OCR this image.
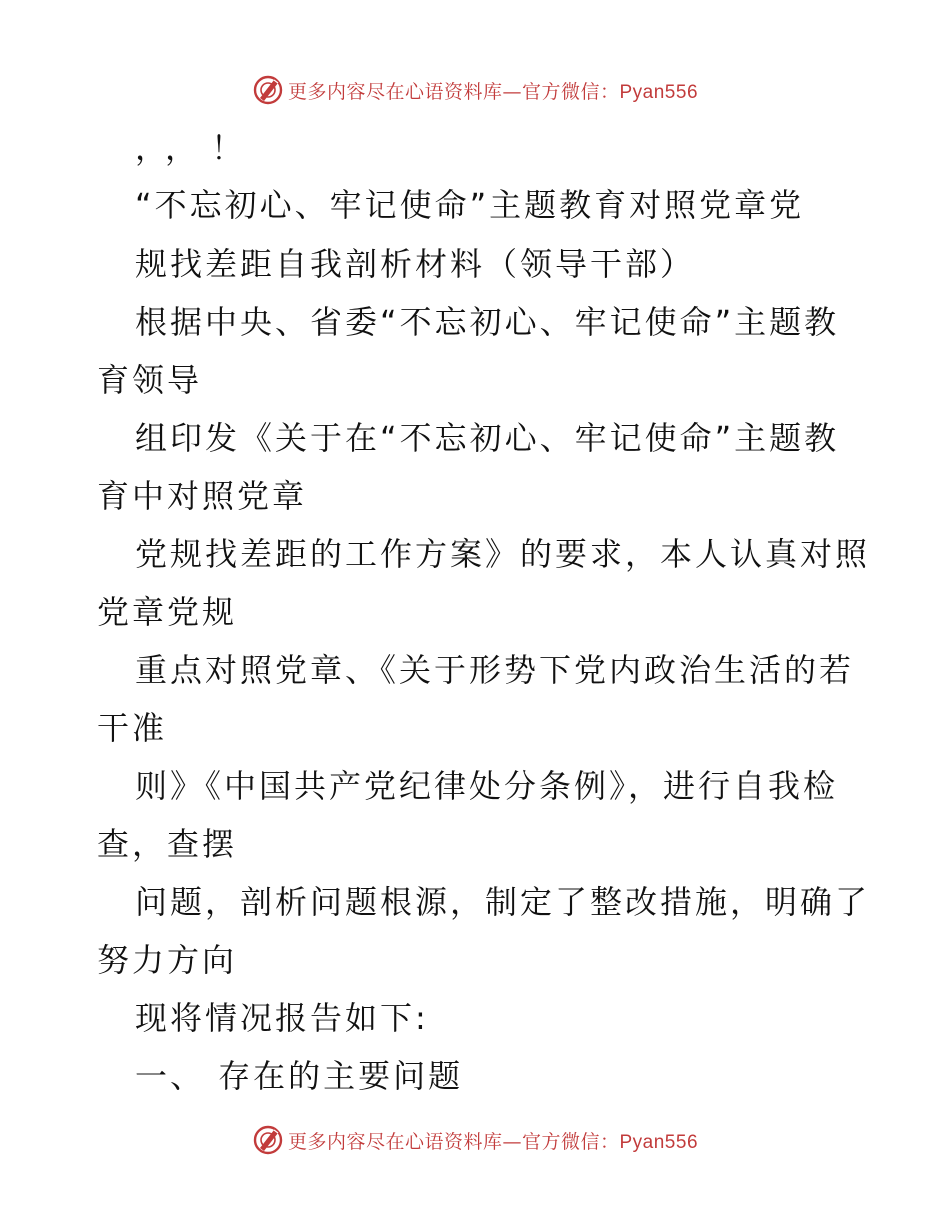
更多内容尽在心语资料库—官方微信：Pyan556
，，！
“不忘初心、牢记使命”主题教育对照党章党
规找差距自我剖析材料（领导干部）
根据中央、省委“不忘初心、牢记使命”主题教
育领导
组印发《关于在“不忘初心、牢记使命”主题教
育中对照党章
党规找差距的工作方案》的要求，本人认真对照
党章党规
重点对照党章、《关于形势下党内政治生活的若
干准
则》《中国共产党纪律处分条例》，进行自我检
查，查摆
问题，剖析问题根源，制定了整改措施，明确了
努力方向
现将情况报告如下:
一、 存在的主要问题
更多内容尽在心语资料库—官方微信：Pyan556
